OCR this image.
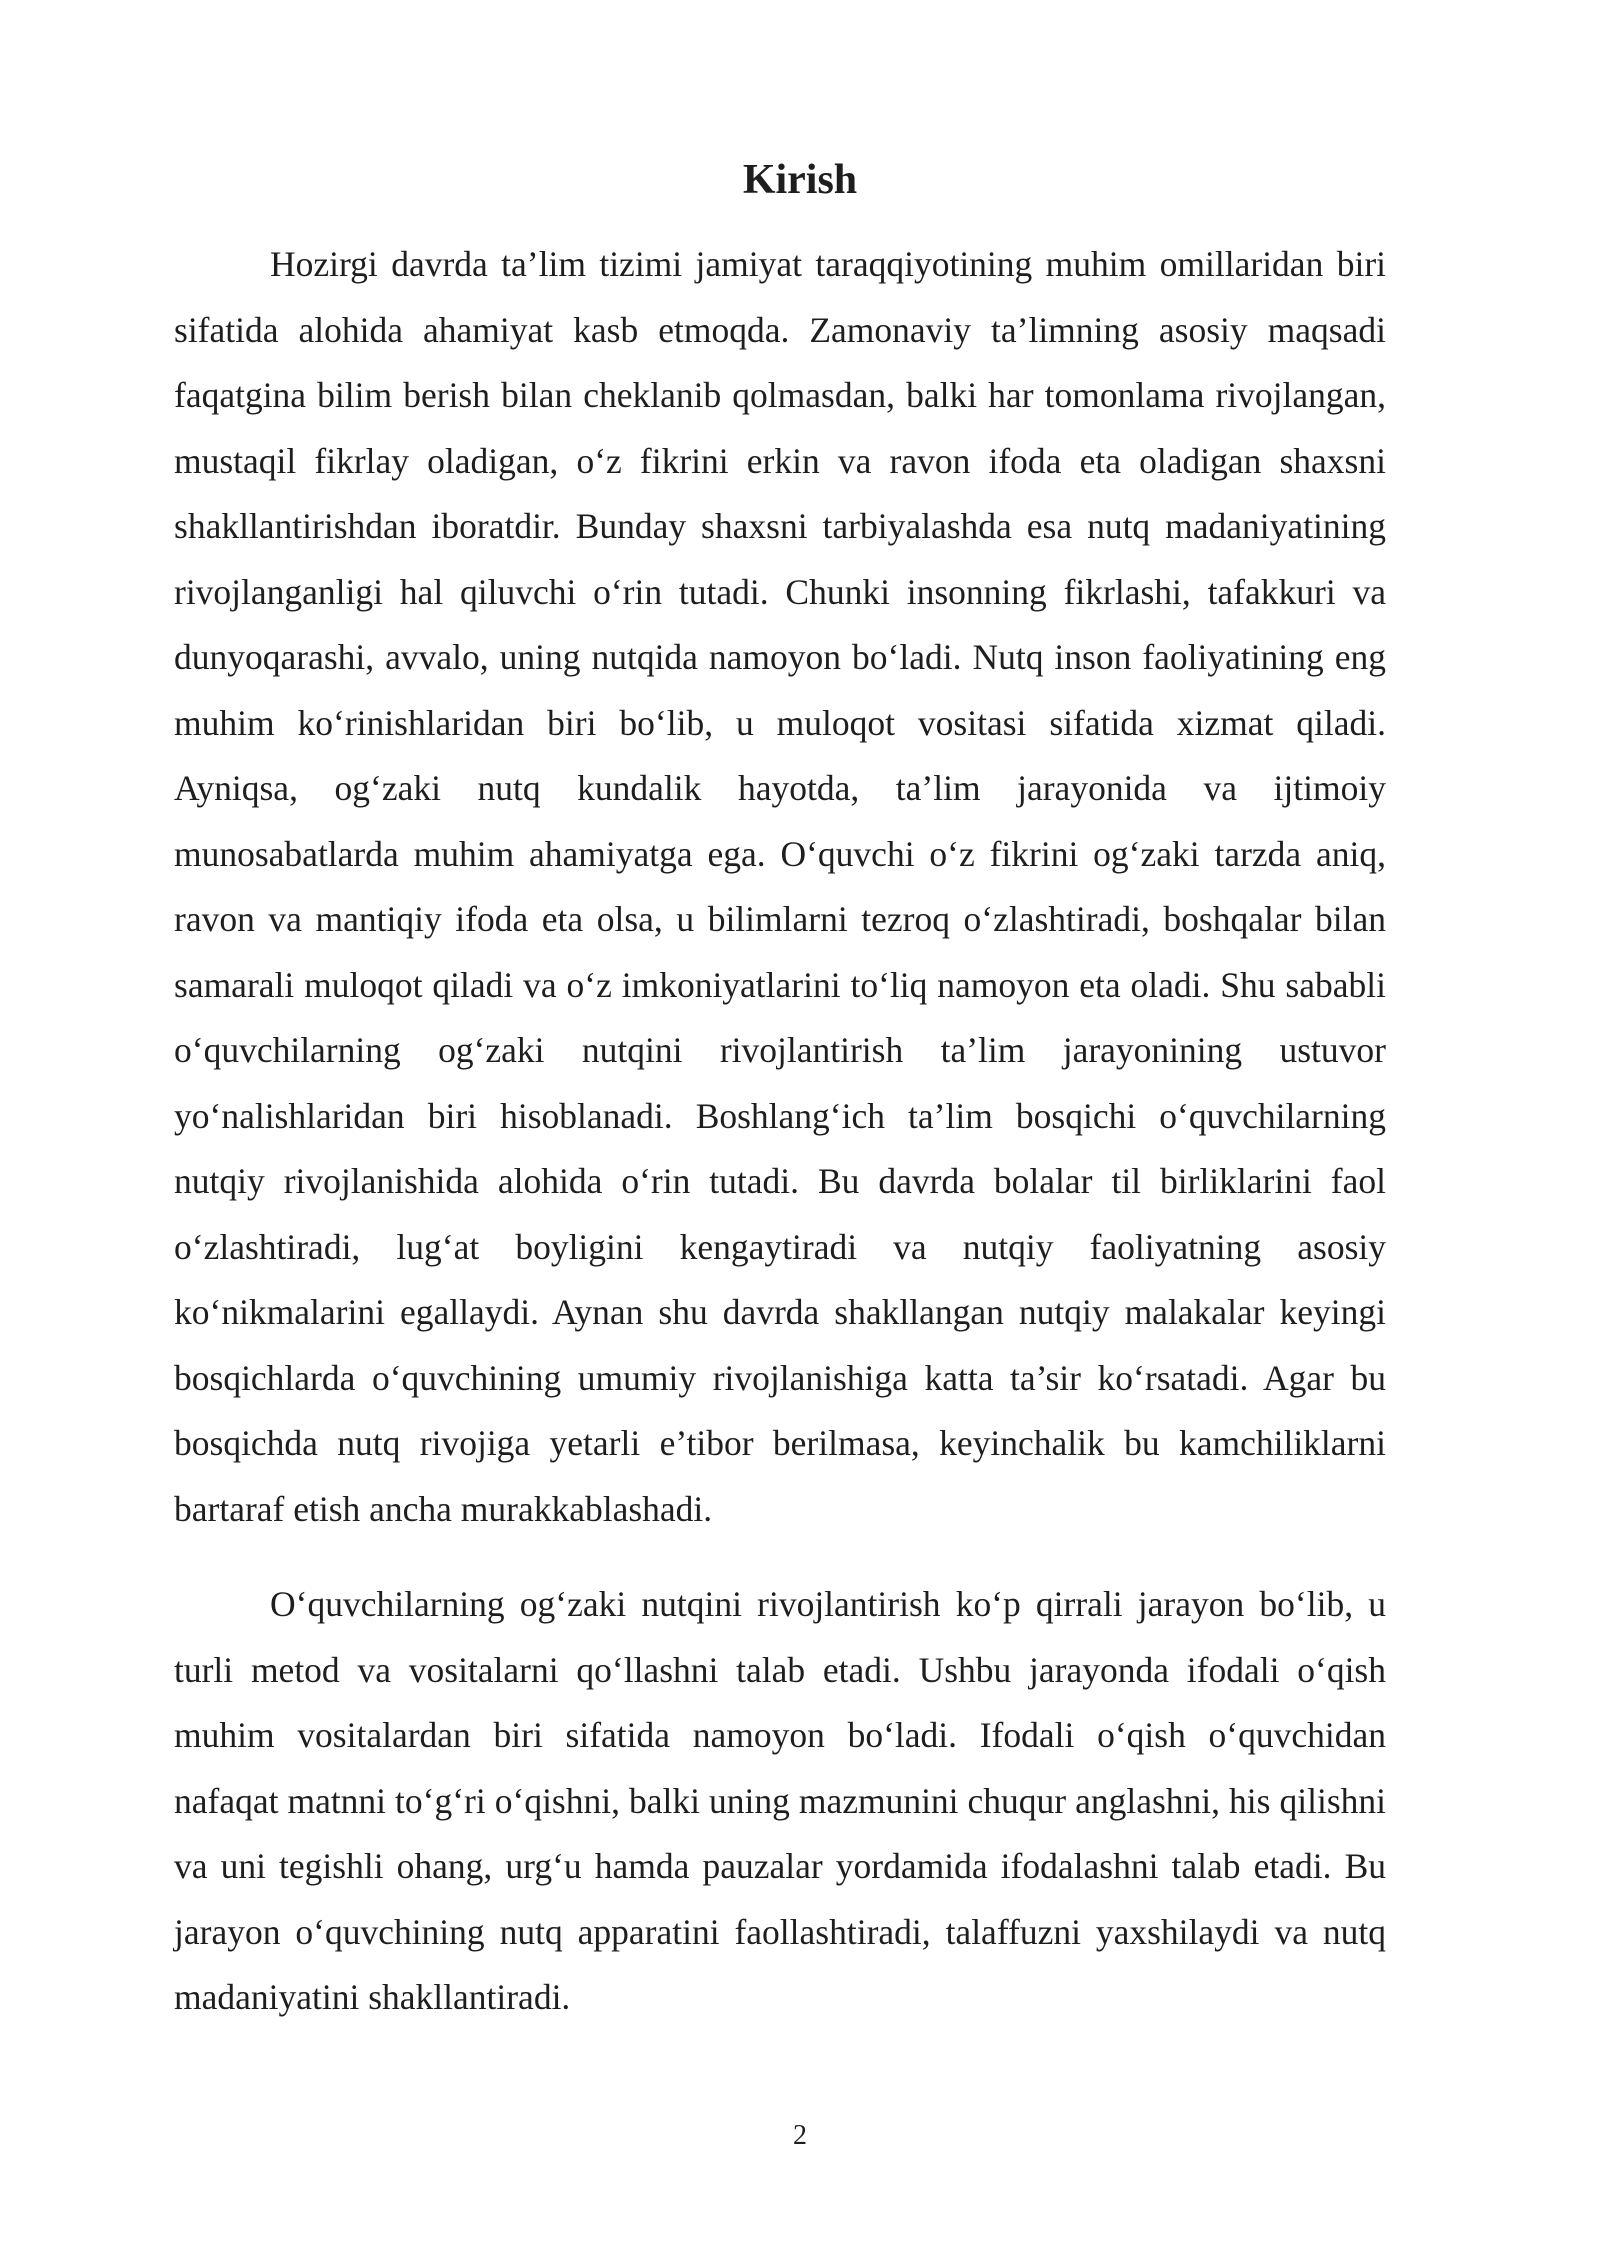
Kirish

Hozirgi davrda ta’lim tizimi jamiyat taraqqiyotining muhim omillaridan biri sifatida alohida ahamiyat kasb etmoqda. Zamonaviy ta’limning asosiy maqsadi faqatgina bilim berish bilan cheklanib qolmasdan, balki har tomonlama rivojlangan, mustaqil fikrlay oladigan, o‘z fikrini erkin va ravon ifoda eta oladigan shaxsni shakllantirishdan iboratdir. Bunday shaxsni tarbiyalashda esa nutq madaniyatining rivojlanganligi hal qiluvchi o‘rin tutadi. Chunki insonning fikrlashi, tafakkuri va dunyoqarashi, avvalo, uning nutqida namoyon bo‘ladi. Nutq inson faoliyatining eng muhim ko‘rinishlaridan biri bo‘lib, u muloqot vositasi sifatida xizmat qiladi. Ayniqsa, og‘zaki nutq kundalik hayotda, ta’lim jarayonida va ijtimoiy munosabatlarda muhim ahamiyatga ega. O‘quvchi o‘z fikrini og‘zaki tarzda aniq, ravon va mantiqiy ifoda eta olsa, u bilimlarni tezroq o‘zlashtiradi, boshqalar bilan samarali muloqot qiladi va o‘z imkoniyatlarini to‘liq namoyon eta oladi. Shu sababli o‘quvchilarning og‘zaki nutqini rivojlantirish ta’lim jarayonining ustuvor yo‘nalishlaridan biri hisoblanadi. Boshlang‘ich ta’lim bosqichi o‘quvchilarning nutqiy rivojlanishida alohida o‘rin tutadi. Bu davrda bolalar til birliklarini faol o‘zlashtiradi, lug‘at boyligini kengaytiradi va nutqiy faoliyatning asosiy ko‘nikmalarini egallaydi. Aynan shu davrda shakllangan nutqiy malakalar keyingi bosqichlarda o‘quvchining umumiy rivojlanishiga katta ta’sir ko‘rsatadi. Agar bu bosqichda nutq rivojiga yetarli e’tibor berilmasa, keyinchalik bu kamchiliklarni bartaraf etish ancha murakkablashadi.

O‘quvchilarning og‘zaki nutqini rivojlantirish ko‘p qirrali jarayon bo‘lib, u turli metod va vositalarni qo‘llashni talab etadi. Ushbu jarayonda ifodali o‘qish muhim vositalardan biri sifatida namoyon bo‘ladi. Ifodali o‘qish o‘quvchidan nafaqat matnni to‘g‘ri o‘qishni, balki uning mazmunini chuqur anglashni, his qilishni va uni tegishli ohang, urg‘u hamda pauzalar yordamida ifodalashni talab etadi. Bu jarayon o‘quvchining nutq apparatini faollashtiradi, talaffuzni yaxshilaydi va nutq madaniyatini shakllantiradi.

2
